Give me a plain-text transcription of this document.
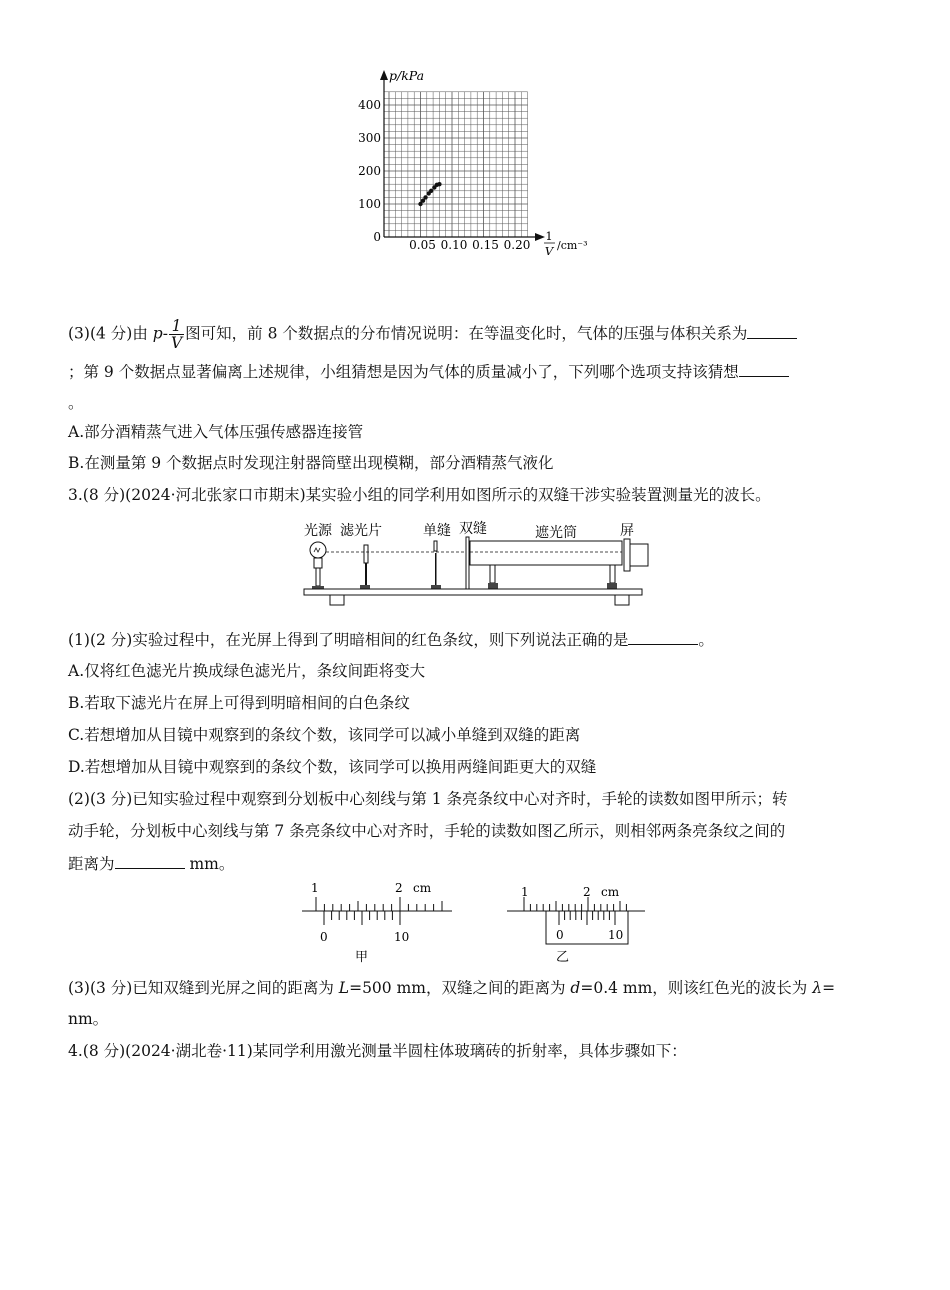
p/kPa
400
300
200
100
0
0.05 0.10 0.15 0.20
1
V /cm⁻³
(3)(4 分)由 $p- \frac{1}{V}$ 图可知，前 8 个数据点的分布情况说明：在等温变化时，气体的压强与体积关系为
；第 9 个数据点显著偏离上述规律，小组猜想是因为气体的质量减小了，下列哪个选项支持该猜想
。
A.部分酒精蒸气进入气体压强传感器连接管
B.在测量第 9 个数据点时发现注射器筒壁出现模糊，部分酒精蒸气液化
3.(8 分)(2024·河北张家口市期末)某实验小组的同学利用如图所示的双缝干涉实验装置测量光的波长。
光源 滤光片	单缝 双缝	遮光筒	屏
(1)(2 分)实验过程中，在光屏上得到了明暗相间的红色条纹，则下列说法正确的是	。
A.仅将红色滤光片换成绿色滤光片，条纹间距将变大
B.若取下滤光片在屏上可得到明暗相间的白色条纹
C.若想增加从目镜中观察到的条纹个数，该同学可以减小单缝到双缝的距离
D.若想增加从目镜中观察到的条纹个数，该同学可以换用两缝间距更大的双缝
(2)(3 分)已知实验过程中观察到分划板中心刻线与第 1 条亮条纹中心对齐时，手轮的读数如图甲所示；转
动手轮，分划板中心刻线与第 7 条亮条纹中心对齐时，手轮的读数如图乙所示，则相邻两条亮条纹之间的
距离为	mm。
1	2 cm
0	10
甲
1	2 cm
0	10
乙
(3)(3 分)已知双缝到光屏之间的距离为 L=500 mm，双缝之间的距离为 d=0.4 mm，则该红色光的波长为 λ=
nm。
4.(8 分)(2024·湖北卷·11)某同学利用激光测量半圆柱体玻璃砖的折射率，具体步骤如下：
